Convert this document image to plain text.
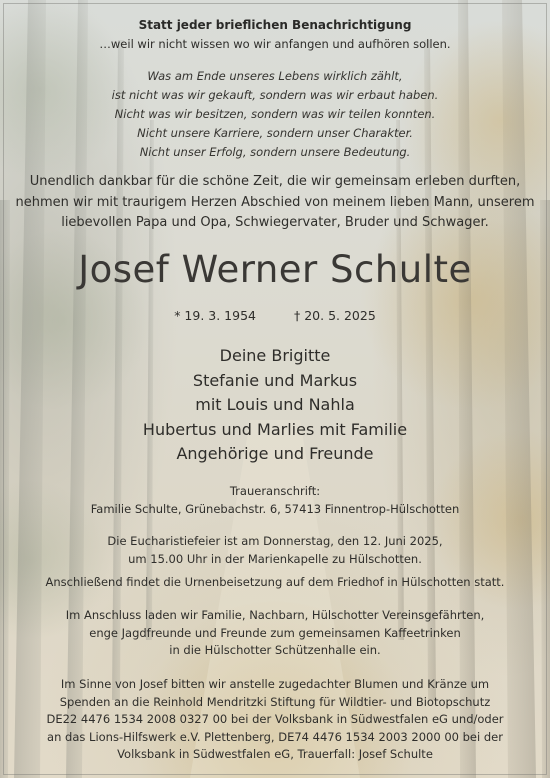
Statt jeder brieflichen Benachrichtigung
…weil wir nicht wissen wo wir anfangen und aufhören sollen.
Was am Ende unseres Lebens wirklich zählt,
ist nicht was wir gekauft, sondern was wir erbaut haben.
Nicht was wir besitzen, sondern was wir teilen konnten.
Nicht unsere Karriere, sondern unser Charakter.
Nicht unser Erfolg, sondern unsere Bedeutung.
Unendlich dankbar für die schöne Zeit, die wir gemeinsam erleben durften,
nehmen wir mit traurigem Herzen Abschied von meinem lieben Mann, unserem
liebevollen Papa und Opa, Schwiegervater, Bruder und Schwager.
Josef Werner Schulte
* 19. 3. 1954	† 20. 5. 2025
Deine Brigitte
Stefanie und Markus
mit Louis und Nahla
Hubertus und Marlies mit Familie
Angehörige und Freunde
Traueranschrift:
Familie Schulte, Grünebachstr. 6, 57413 Finnentrop-Hülschotten
Die Eucharistiefeier ist am Donnerstag, den 12. Juni 2025,
um 15.00 Uhr in der Marienkapelle zu Hülschotten.
Anschließend findet die Urnenbeisetzung auf dem Friedhof in Hülschotten statt.
Im Anschluss laden wir Familie, Nachbarn, Hülschotter Vereinsgefährten,
enge Jagdfreunde und Freunde zum gemeinsamen Kaffeetrinken
in die Hülschotter Schützenhalle ein.
Im Sinne von Josef bitten wir anstelle zugedachter Blumen und Kränze um
Spenden an die Reinhold Mendritzki Stiftung für Wildtier- und Biotopschutz
DE22 4476 1534 2008 0327 00 bei der Volksbank in Südwestfalen eG und/oder
an das Lions-Hilfswerk e.V. Plettenberg, DE74 4476 1534 2003 2000 00 bei der
Volksbank in Südwestfalen eG, Trauerfall: Josef Schulte
